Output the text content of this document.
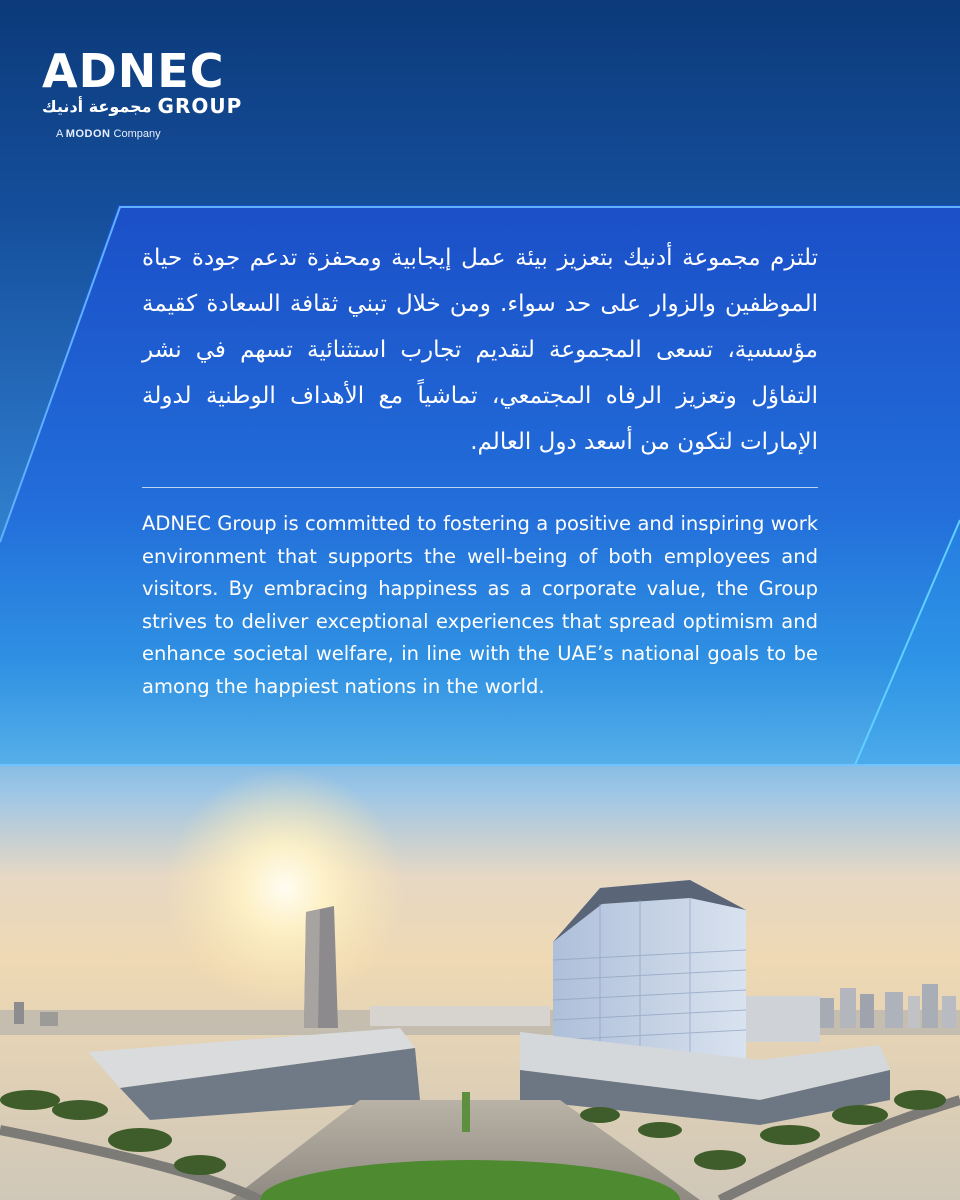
ADNEC
مجموعة أدنيك GROUP
A MODON Company

تلتزم مجموعة أدنيك بتعزيز بيئة عمل إيجابية ومحفزة تدعم جودة حياة الموظفين والزوار على حد سواء. ومن خلال تبني ثقافة السعادة كقيمة مؤسسية، تسعى المجموعة لتقديم تجارب استثنائية تسهم في نشر التفاؤل وتعزيز الرفاه المجتمعي، تماشياً مع الأهداف الوطنية لدولة الإمارات لتكون من أسعد دول العالم.

ADNEC Group is committed to fostering a positive and inspiring work environment that supports the well-being of both employees and visitors. By embracing happiness as a corporate value, the Group strives to deliver exceptional experiences that spread optimism and enhance societal welfare, in line with the UAE’s national goals to be among the happiest nations in the world.
